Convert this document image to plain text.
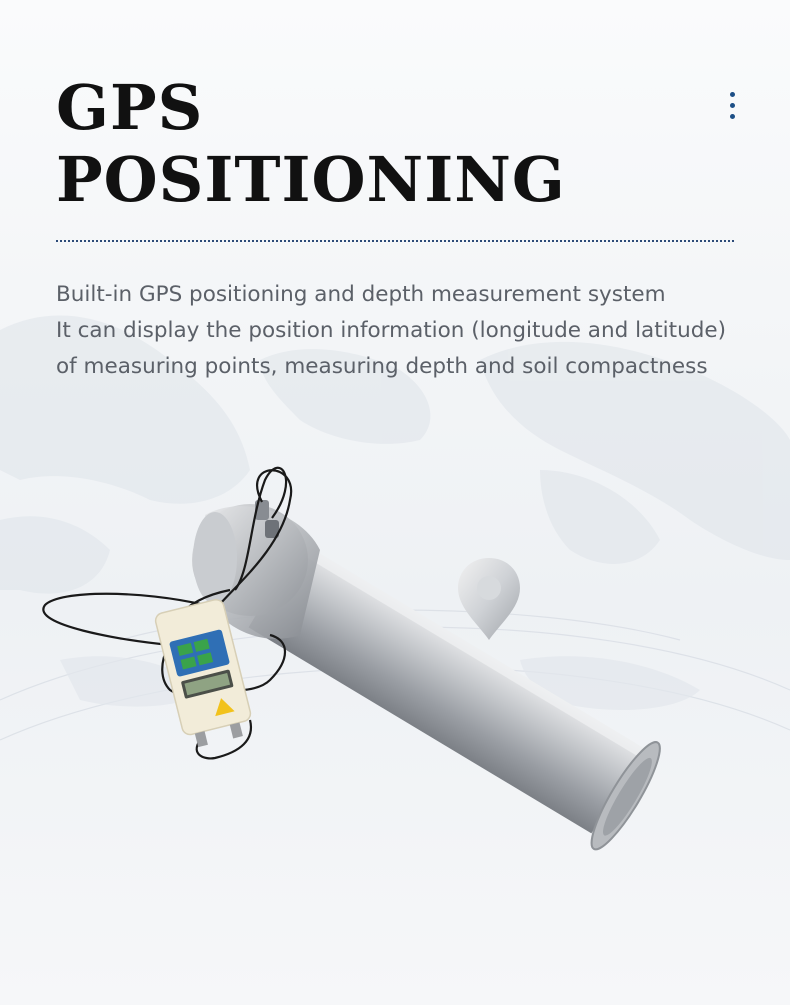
GPS
POSITIONING

Built-in GPS positioning and depth measurement system

It can display the position information (longitude and latitude)

of measuring points, measuring depth and soil compactness
